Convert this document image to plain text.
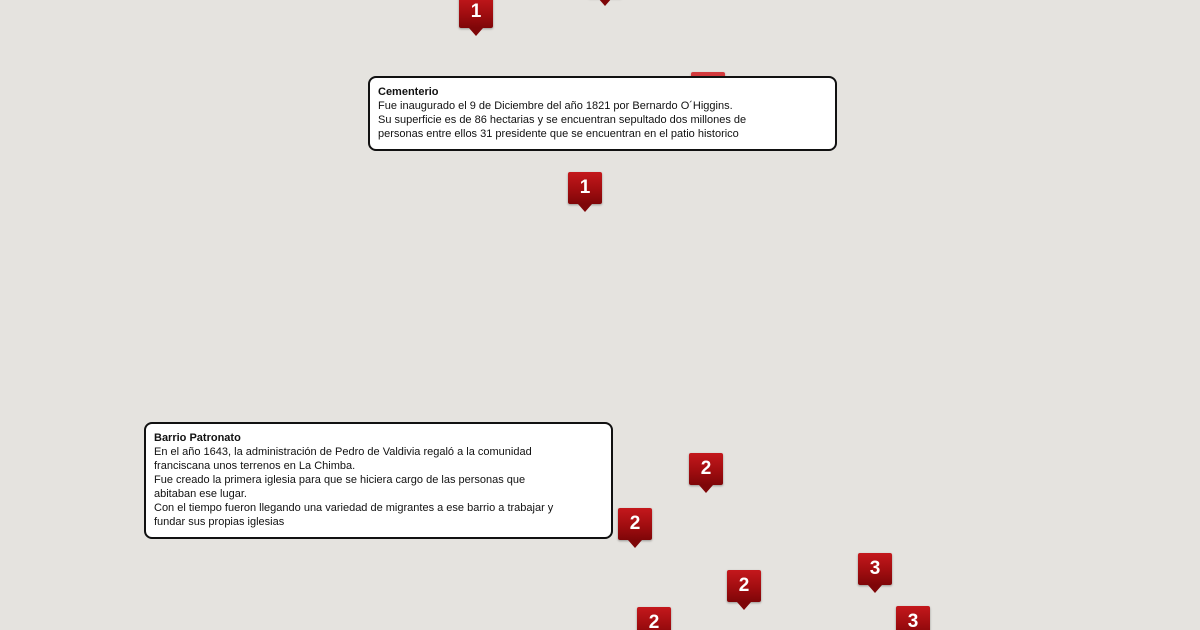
1
1
2
2
2
2
3
3
Cementerio
Fue inaugurado el 9 de Diciembre del año 1821 por Bernardo O´Higgins.
Su superficie es de 86 hectarias y se encuentran sepultado dos millones de
personas entre ellos 31 presidente que se encuentran en el patio historico
Barrio Patronato
En el año 1643, la administración de Pedro de Valdivia regaló a la comunidad
franciscana unos terrenos en La Chimba.
Fue creado la primera iglesia para que se hiciera cargo de las personas que
abitaban ese lugar.
Con el tiempo fueron llegando una variedad de migrantes a ese barrio a trabajar y
fundar sus propias iglesias
